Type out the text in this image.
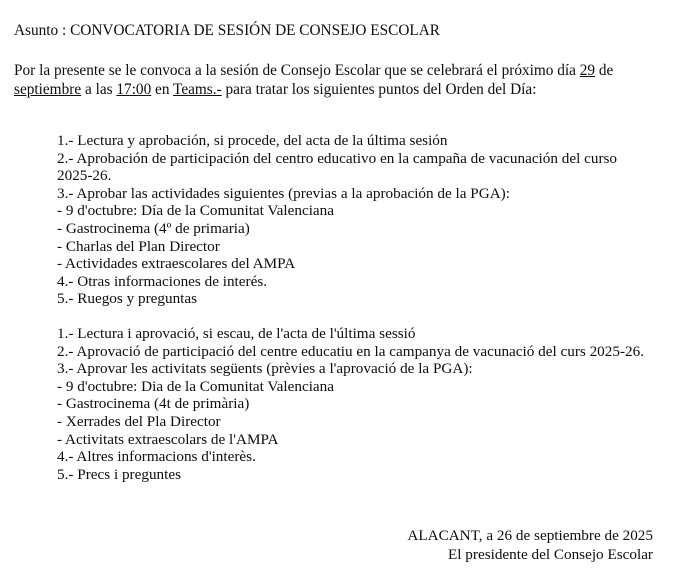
Asunto : CONVOCATORIA DE SESIÓN DE CONSEJO ESCOLAR

Por la presente se le convoca a la sesión de Consejo Escolar que se celebrará el próximo día 29 de septiembre a las 17:00 en Teams.- para tratar los siguientes puntos del Orden del Día:

1.- Lectura y aprobación, si procede, del acta de la última sesión
2.- Aprobación de participación del centro educativo en la campaña de vacunación del curso 2025-26.
3.- Aprobar las actividades siguientes (previas a la aprobación de la PGA):
- 9 d'octubre: Día de la Comunitat Valenciana
- Gastrocinema (4º de primaria)
- Charlas del Plan Director
- Actividades extraescolares del AMPA
4.- Otras informaciones de interés.
5.- Ruegos y preguntas
1.- Lectura i aprovació, si escau, de l'acta de l'última sessió
2.- Aprovació de participació del centre educatiu en la campanya de vacunació del curs 2025-26.
3.- Aprovar les activitats següents (prèvies a l'aprovació de la PGA):
- 9 d'octubre: Dia de la Comunitat Valenciana
- Gastrocinema (4t de primària)
- Xerrades del Pla Director
- Activitats extraescolars de l'AMPA
4.- Altres informacions d'interès.
5.- Precs i preguntes
ALACANT, a 26 de septiembre de 2025
El presidente del Consejo Escolar
